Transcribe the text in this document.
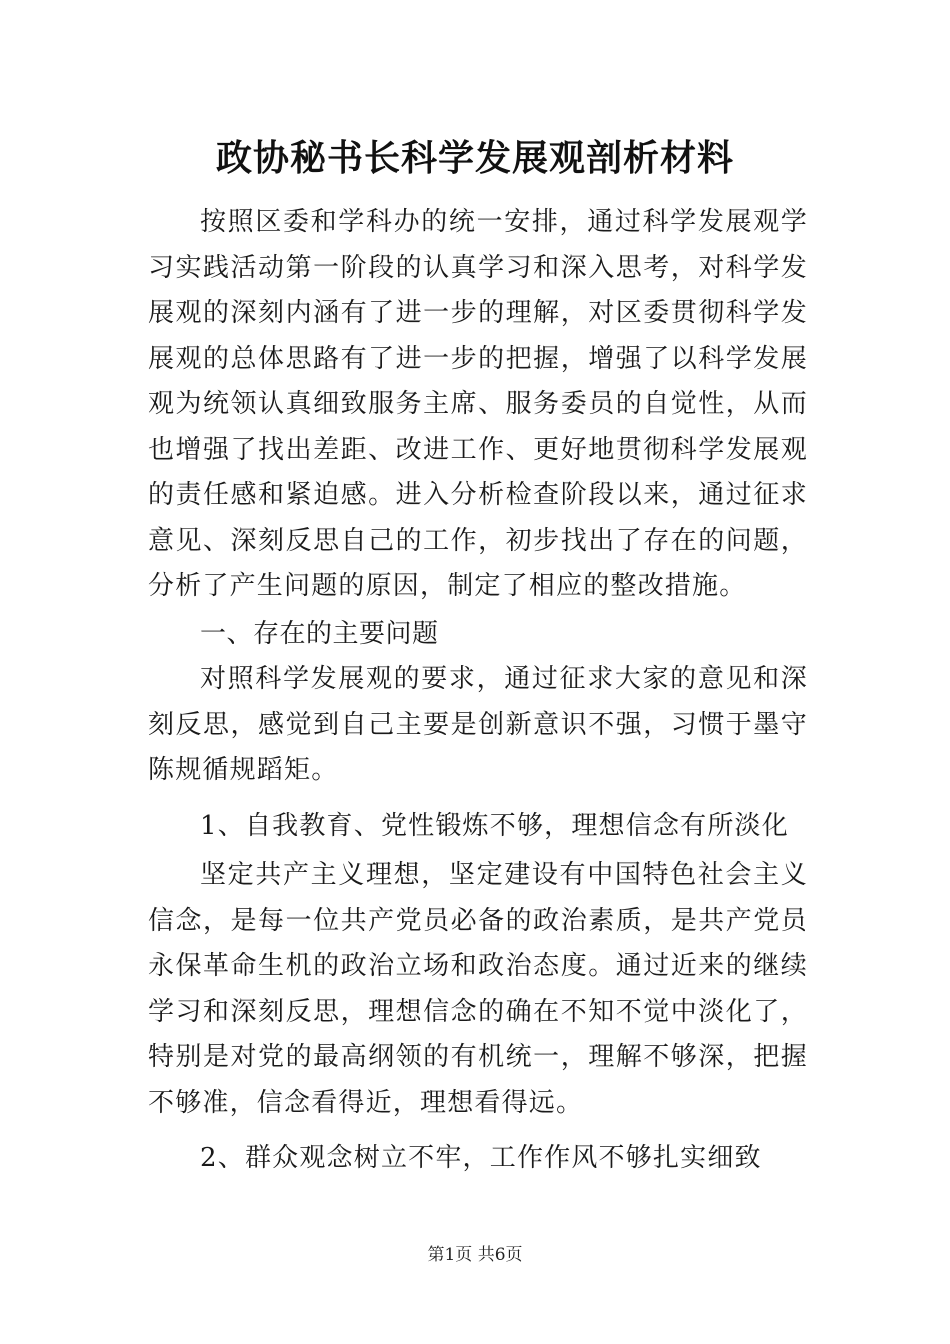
政协秘书长科学发展观剖析材料

按照区委和学科办的统一安排，通过科学发展观学习实践活动第一阶段的认真学习和深入思考，对科学发展观的深刻内涵有了进一步的理解，对区委贯彻科学发展观的总体思路有了进一步的把握，增强了以科学发展观为统领认真细致服务主席、服务委员的自觉性，从而也增强了找出差距、改进工作、更好地贯彻科学发展观的责任感和紧迫感。进入分析检查阶段以来，通过征求意见、深刻反思自己的工作，初步找出了存在的问题，分析了产生问题的原因，制定了相应的整改措施。

一、存在的主要问题

对照科学发展观的要求，通过征求大家的意见和深刻反思，感觉到自己主要是创新意识不强，习惯于墨守陈规循规蹈矩。

1、自我教育、党性锻炼不够，理想信念有所淡化

坚定共产主义理想，坚定建设有中国特色社会主义信念，是每一位共产党员必备的政治素质，是共产党员永保革命生机的政治立场和政治态度。通过近来的继续学习和深刻反思，理想信念的确在不知不觉中淡化了，特别是对党的最高纲领的有机统一，理解不够深，把握不够准，信念看得近，理想看得远。

2、群众观念树立不牢，工作作风不够扎实细致

第1页 共6页
